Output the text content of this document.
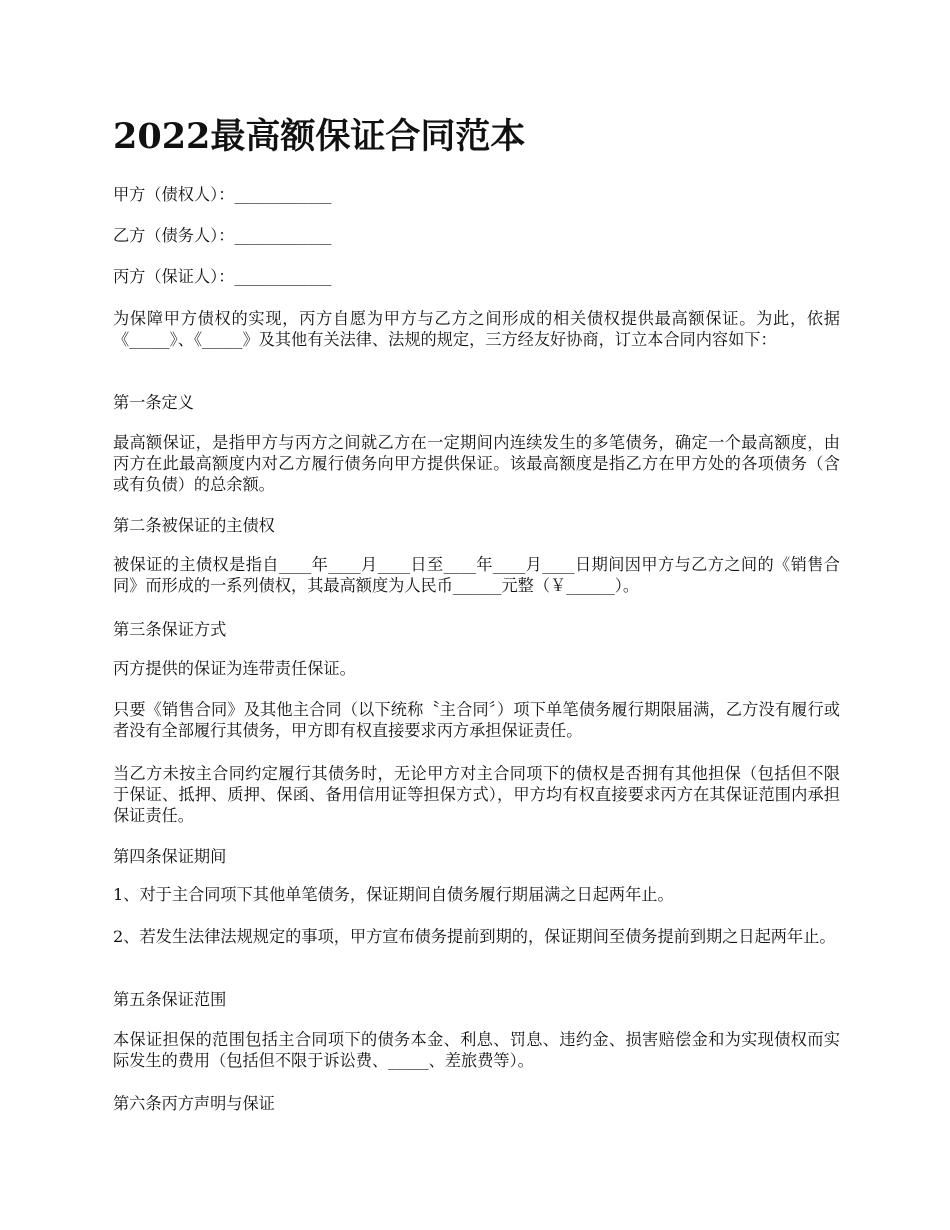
2022最高额保证合同范本

甲方（债权人）：____________

乙方（债务人）：____________

丙方（保证人）：____________

为保障甲方债权的实现，丙方自愿为甲方与乙方之间形成的相关债权提供最高额保证。为此，依据《_____》、《_____》及其他有关法律、法规的规定，三方经友好协商，订立本合同内容如下：

第一条定义

最高额保证，是指甲方与丙方之间就乙方在一定期间内连续发生的多笔债务，确定一个最高额度，由丙方在此最高额度内对乙方履行债务向甲方提供保证。该最高额度是指乙方在甲方处的各项债务（含或有负债）的总余额。

第二条被保证的主债权

被保证的主债权是指自____年____月____日至____年____月____日期间因甲方与乙方之间的《销售合同》而形成的一系列债权，其最高额度为人民币______元整（￥______）。

第三条保证方式

丙方提供的保证为连带责任保证。

只要《销售合同》及其他主合同（以下统称〝主合同〞）项下单笔债务履行期限届满，乙方没有履行或者没有全部履行其债务，甲方即有权直接要求丙方承担保证责任。

当乙方未按主合同约定履行其债务时，无论甲方对主合同项下的债权是否拥有其他担保（包括但不限于保证、抵押、质押、保函、备用信用证等担保方式），甲方均有权直接要求丙方在其保证范围内承担保证责任。

第四条保证期间

1、对于主合同项下其他单笔债务，保证期间自债务履行期届满之日起两年止。

2、若发生法律法规规定的事项，甲方宣布债务提前到期的，保证期间至债务提前到期之日起两年止。

第五条保证范围

本保证担保的范围包括主合同项下的债务本金、利息、罚息、违约金、损害赔偿金和为实现债权而实际发生的费用（包括但不限于诉讼费、_____、差旅费等）。

第六条丙方声明与保证
